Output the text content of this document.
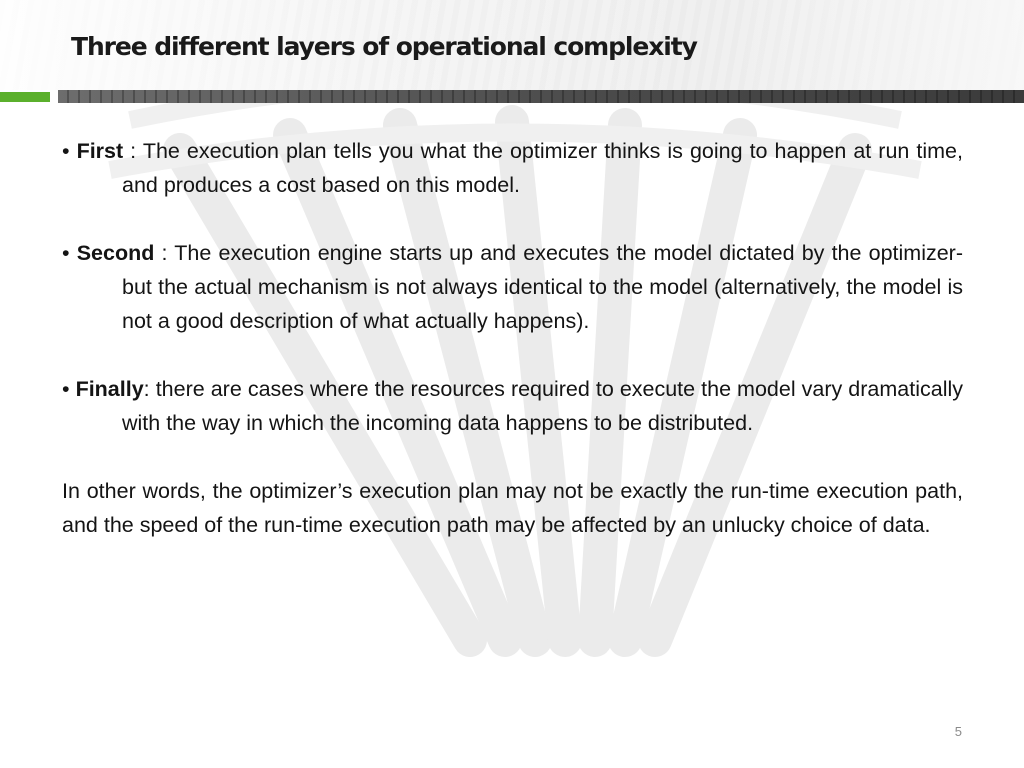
Three different layers of operational complexity

• First : The execution plan tells you what the optimizer thinks is going to happen at run time, and produces a cost based on this model.

• Second : The execution engine starts up and executes the model dictated by the optimizer- but the actual mechanism is not always identical to the model (alternatively, the model is not a good description of what actually happens).

• Finally: there are cases where the resources required to execute the model vary dramatically with the way in which the incoming data happens to be distributed.

In other words, the optimizer’s execution plan may not be exactly the run-time execution path, and the speed of the run-time execution path may be affected by an unlucky choice of data.

5
